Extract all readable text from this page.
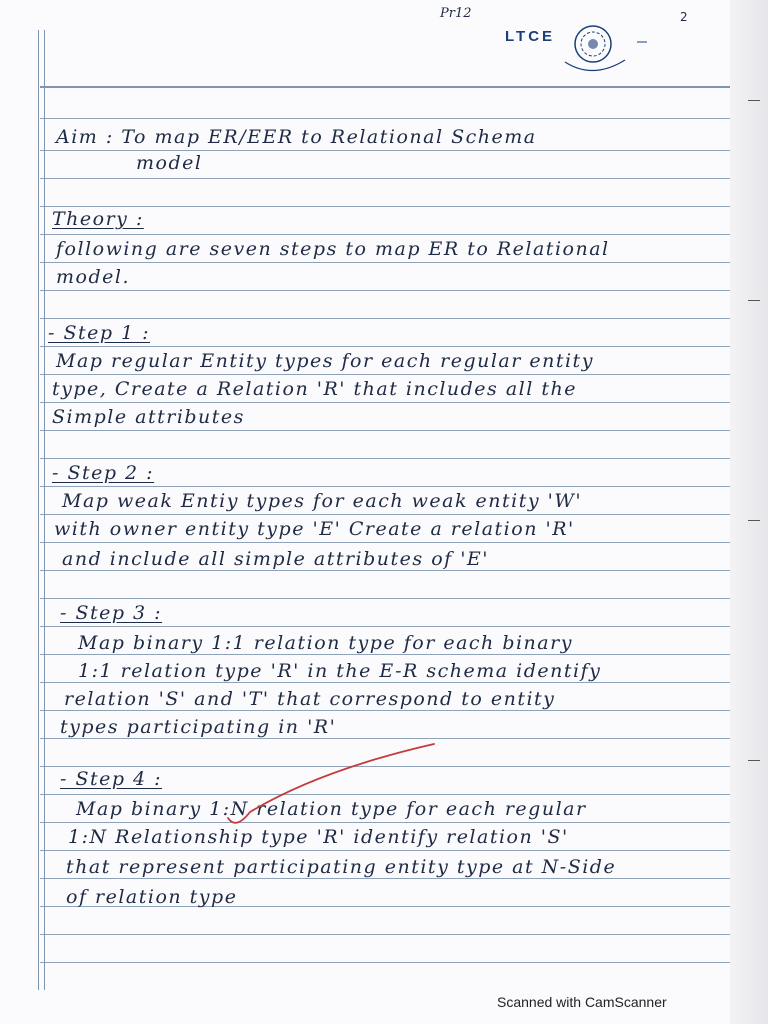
Pr12	2
LTCE
Aim : To map ER/EER to Relational Schema
model
Theory :
following are seven steps to map ER to Relational
model.
- Step 1 :
Map regular Entity types for each regular entity
type, Create a Relation 'R' that includes all the
Simple attributes
- Step 2 :
Map weak Entiy types for each weak entity 'W'
with owner entity type 'E' Create a relation 'R'
and include all simple attributes of 'E'
- Step 3 :
Map binary 1:1 relation type for each binary
1:1 relation type 'R' in the E-R schema identify
relation 'S' and 'T' that correspond to entity
types participating in 'R'
- Step 4 :
Map binary 1:N relation type for each regular
1:N Relationship type 'R' identify relation 'S'
that represent participating entity type at N-Side
of relation type
Scanned with CamScanner
